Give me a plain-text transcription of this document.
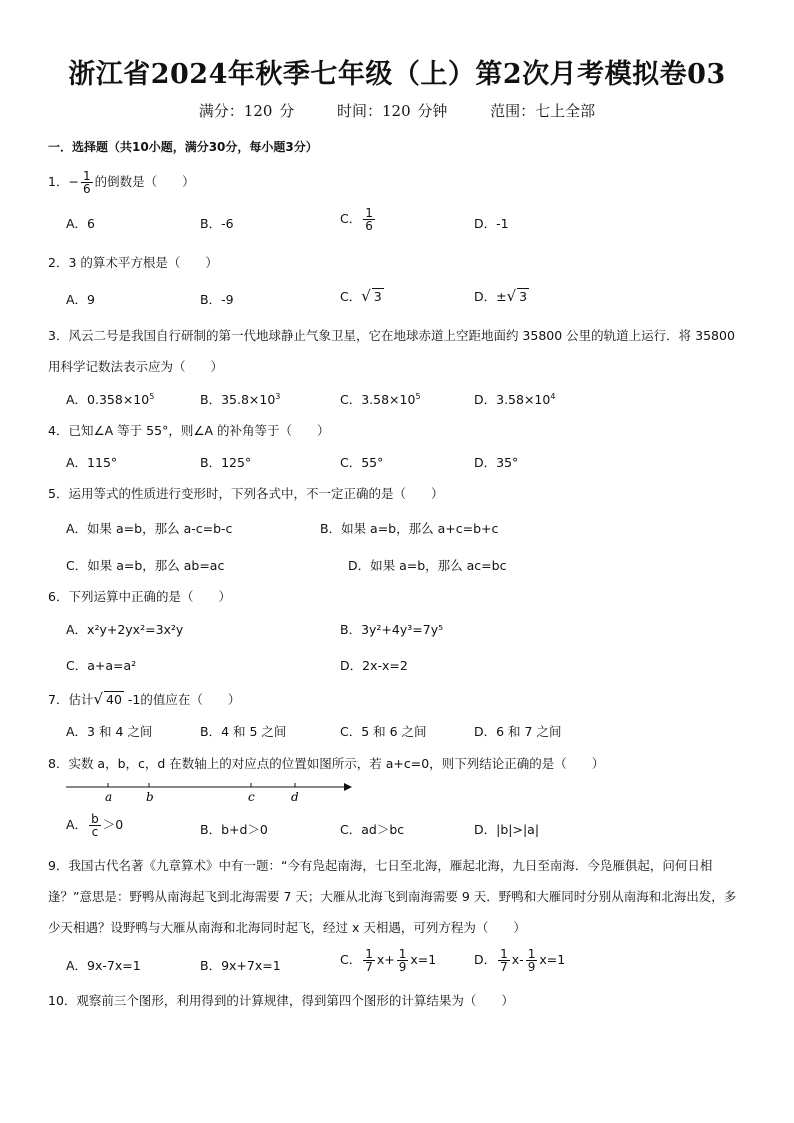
浙江省2024年秋季七年级（上）第2次月考模拟卷03
满分：120 分	时间：120 分钟	范围：七上全部
一．选择题（共10小题，满分30分，每小题3分）
1．− $\frac{1}{6}$ 的倒数是（　　）
A．6	B．-6	C． $\frac{1}{6}$	D．-1
2．3 的算术平方根是（　　）
A．9	B．-9	C．√ 3	D．±√ 3
3．风云二号是我国自行研制的第一代地球静止气象卫星，它在地球赤道上空距地面约 35800 公里的轨道上运行．将 35800 用科学记数法表示应为（　　）
A．$0.358\times 10^5$	B．$35.8\times 10^3$	C．$3.58\times 10^5$	D．$3.58\times 10^4$
4．已知∠A 等于 55°，则∠A 的补角等于（　　）
A．115°	B．125°	C．55°	D．35°
5．运用等式的性质进行变形时，下列各式中，不一定正确的是（　　）
A．如果 a=b，那么 a-c=b-c	B．如果 a=b，那么 a+c=b+c
C．如果 a=b，那么 ab=ac	D．如果 a=b，那么 ac=bc
6．下列运算中正确的是（　　）
A．x²y+2yx²=3x²y	B．3y²+4y³=7y⁵
C．a+a=a²	D．2x-x=2
7．估计√ 40 -1的值应在（　　）
A．3 和 4 之间	B．4 和 5 之间	C．5 和 6 之间	D．6 和 7 之间
8．实数 a，b，c，d 在数轴上的对应点的位置如图所示，若 a+c=0，则下列结论正确的是（　　）
a	b	c	d
A． $\frac{b}{c} >0$	B．b+d＞0	C．ad＞bc	D．|b|>|a|
9．我国古代名著《九章算术》中有一题：“今有凫起南海，七日至北海，雁起北海，九日至南海．今凫雁俱起，问何日相逢？”意思是：野鸭从南海起飞到北海需要 7 天；大雁从北海飞到南海需要 9 天．野鸭和大雁同时分别从南海和北海出发，多少天相遇？设野鸭与大雁从南海和北海同时起飞，经过 x 天相遇，可列方程为（　　）
A．9x-7x=1	B．9x+7x=1	C． $\frac{1}{7} x+ \frac{1}{9} x=1$	D． $\frac{1}{7} x- \frac{1}{9} x=1$
10．观察前三个图形，利用得到的计算规律，得到第四个图形的计算结果为（　　）
